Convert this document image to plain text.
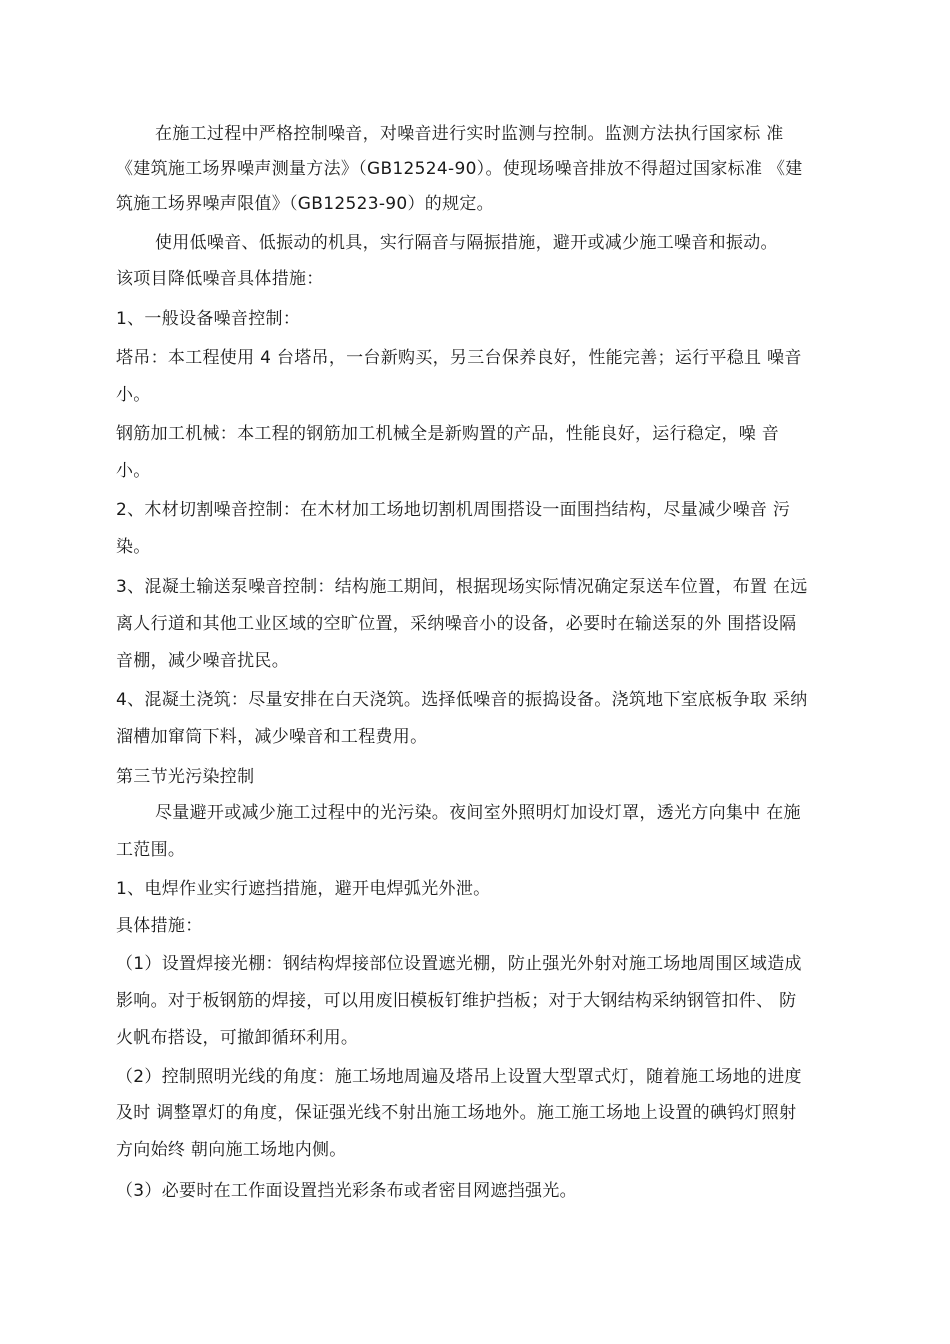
在施工过程中严格控制噪音，对噪音进行实时监测与控制。监测方法执行国家标 准
《建筑施工场界噪声测量方法》（GB12524-90）。使现场噪音排放不得超过国家标准 《建
筑施工场界噪声限值》（GB12523-90）的规定。
使用低噪音、低振动的机具，实行隔音与隔振措施，避开或减少施工噪音和振动。
该项目降低噪音具体措施：
1、一般设备噪音控制：
塔吊：本工程使用 4 台塔吊，一台新购买，另三台保养良好，性能完善；运行平稳且 噪音
小。
钢筋加工机械：本工程的钢筋加工机械全是新购置的产品，性能良好，运行稳定，噪 音
小。
2、木材切割噪音控制：在木材加工场地切割机周围搭设一面围挡结构，尽量减少噪音 污
染。
3、混凝土输送泵噪音控制：结构施工期间，根据现场实际情况确定泵送车位置，布置 在远
离人行道和其他工业区域的空旷位置，采纳噪音小的设备，必要时在输送泵的外 围搭设隔
音棚，减少噪音扰民。
4、混凝土浇筑：尽量安排在白天浇筑。选择低噪音的振捣设备。浇筑地下室底板争取 采纳
溜槽加窜筒下料，减少噪音和工程费用。
第三节光污染控制
尽量避开或减少施工过程中的光污染。夜间室外照明灯加设灯罩，透光方向集中 在施
工范围。
1、电焊作业实行遮挡措施，避开电焊弧光外泄。
具体措施：
（1）设置焊接光棚：钢结构焊接部位设置遮光棚，防止强光外射对施工场地周围区域造成
影响。对于板钢筋的焊接，可以用废旧模板钉维护挡板；对于大钢结构采纳钢管扣件、 防
火帆布搭设，可撤卸循环利用。
（2）控制照明光线的角度：施工场地周遍及塔吊上设置大型罩式灯，随着施工场地的进度
及时 调整罩灯的角度，保证强光线不射出施工场地外。施工施工场地上设置的碘钨灯照射
方向始终 朝向施工场地内侧。
（3）必要时在工作面设置挡光彩条布或者密目网遮挡强光。
